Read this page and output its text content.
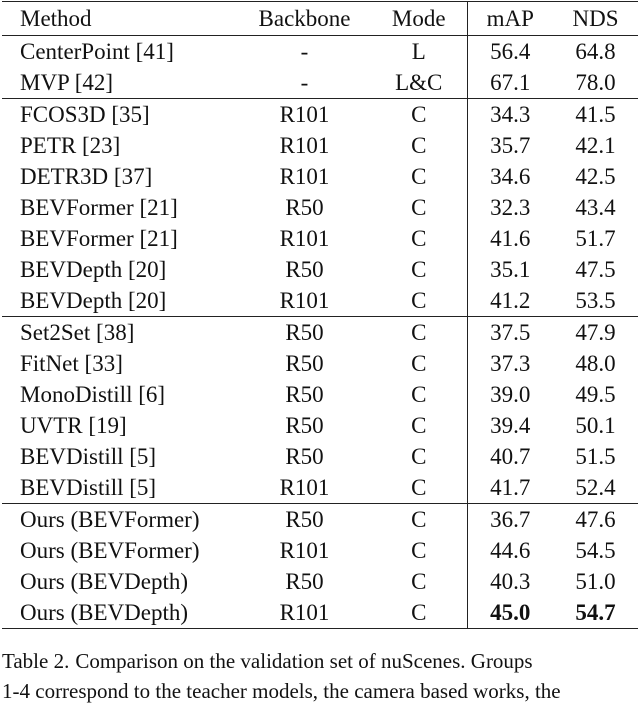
Method	Backbone	Mode	mAP	NDS
CenterPoint [41]	-	L	56.4	64.8
MVP [42]	-	L&C	67.1	78.0
FCOS3D [35]	R101	C	34.3	41.5
PETR [23]	R101	C	35.7	42.1
DETR3D [37]	R101	C	34.6	42.5
BEVFormer [21]	R50	C	32.3	43.4
BEVFormer [21]	R101	C	41.6	51.7
BEVDepth [20]	R50	C	35.1	47.5
BEVDepth [20]	R101	C	41.2	53.5
Set2Set [38]	R50	C	37.5	47.9
FitNet [33]	R50	C	37.3	48.0
MonoDistill [6]	R50	C	39.0	49.5
UVTR [19]	R50	C	39.4	50.1
BEVDistill [5]	R50	C	40.7	51.5
BEVDistill [5]	R101	C	41.7	52.4
Ours (BEVFormer)	R50	C	36.7	47.6
Ours (BEVFormer)	R101	C	44.6	54.5
Ours (BEVDepth)	R50	C	40.3	51.0
Ours (BEVDepth)	R101	C	45.0	54.7
Table 2. Comparison on the validation set of nuScenes. Groups
1-4 correspond to the teacher models, the camera based works, the
